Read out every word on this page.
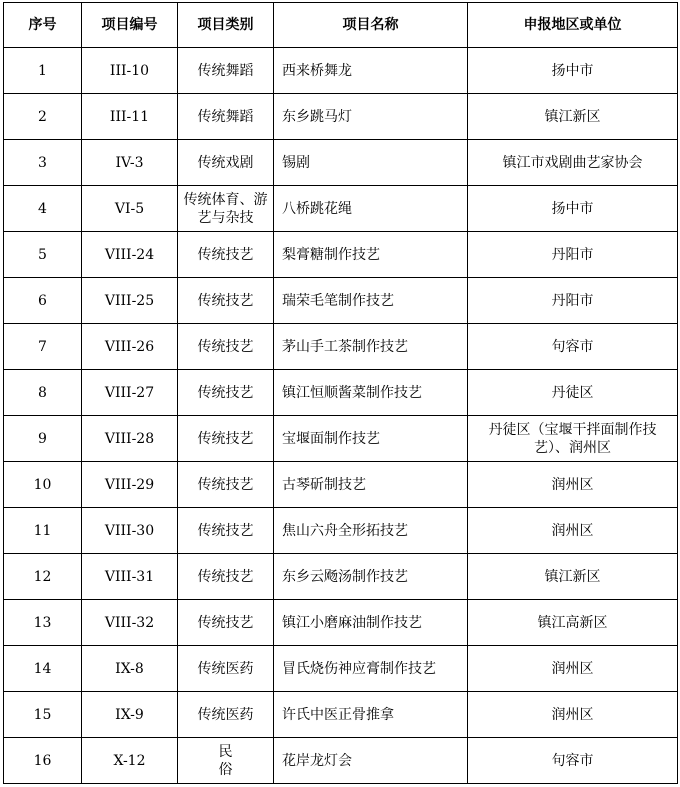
序号	项目编号	项目类别	项目名称	申报地区或单位
1	III-10	传统舞蹈	西来桥舞龙	扬中市
2	III-11	传统舞蹈	东乡跳马灯	镇江新区
3	IV-3	传统戏剧	锡剧	镇江市戏剧曲艺家协会
4	VI-5	传统体育、游艺与杂技	八桥跳花绳	扬中市
5	VIII-24	传统技艺	梨膏糖制作技艺	丹阳市
6	VIII-25	传统技艺	瑞荣毛笔制作技艺	丹阳市
7	VIII-26	传统技艺	茅山手工茶制作技艺	句容市
8	VIII-27	传统技艺	镇江恒顺酱菜制作技艺	丹徒区
9	VIII-28	传统技艺	宝堰面制作技艺	丹徒区（宝堰干拌面制作技艺）、润州区
10	VIII-29	传统技艺	古琴斫制技艺	润州区
11	VIII-30	传统技艺	焦山六舟全形拓技艺	润州区
12	VIII-31	传统技艺	东乡云飏汤制作技艺	镇江新区
13	VIII-32	传统技艺	镇江小磨麻油制作技艺	镇江高新区
14	IX-8	传统医药	冒氏烧伤神应膏制作技艺	润州区
15	IX-9	传统医药	许氏中医正骨推拿	润州区
16	X-12	民俗	花岸龙灯会	句容市
